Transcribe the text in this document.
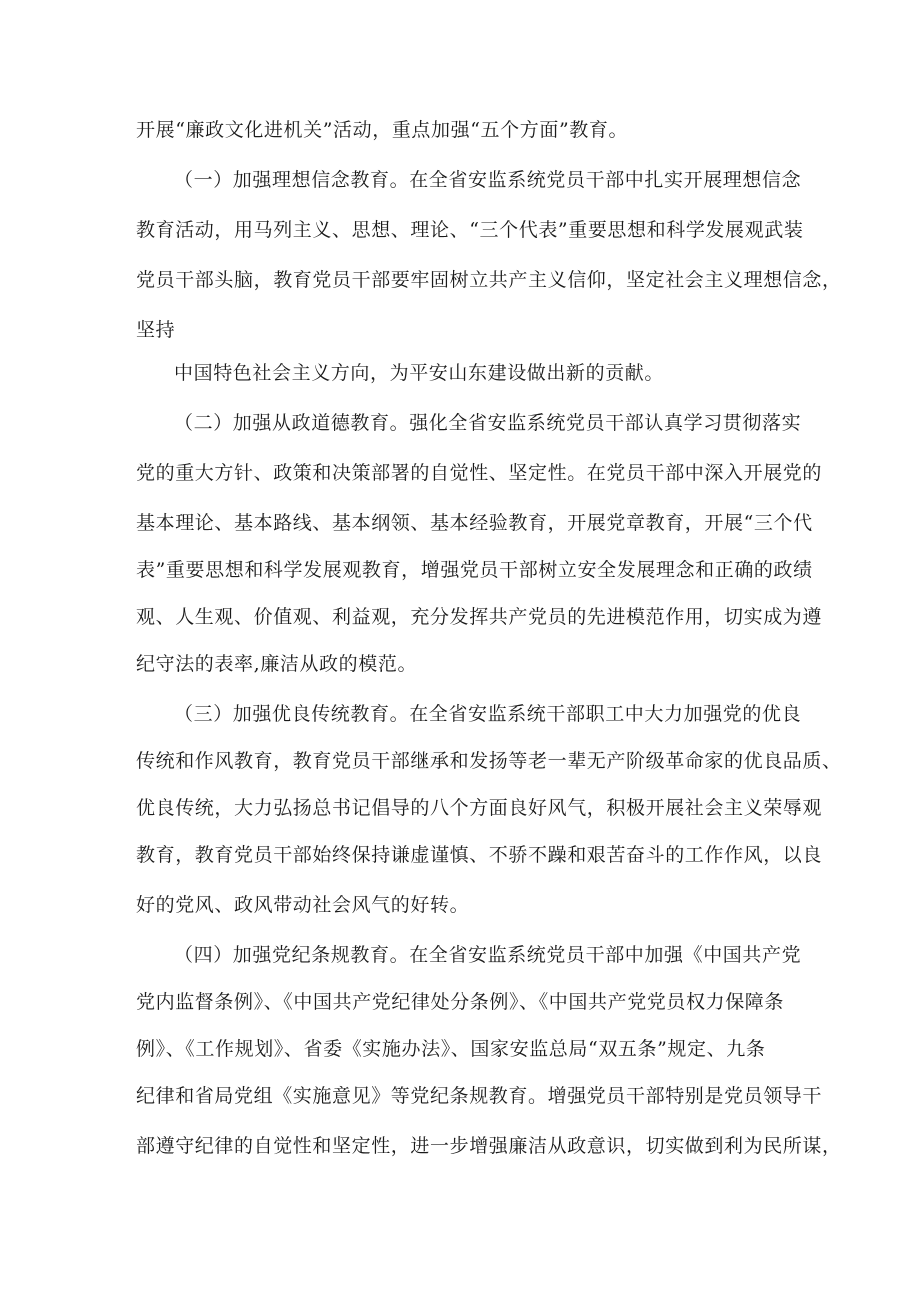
开展“廉政文化进机关”活动，重点加强“五个方面”教育。
（一）加强理想信念教育。在全省安监系统党员干部中扎实开展理想信念
教育活动，用马列主义、思想、理论、“三个代表”重要思想和科学发展观武装
党员干部头脑，教育党员干部要牢固树立共产主义信仰，坚定社会主义理想信念，
坚持
中国特色社会主义方向，为平安山东建设做出新的贡献。
（二）加强从政道德教育。强化全省安监系统党员干部认真学习贯彻落实
党的重大方针、政策和决策部署的自觉性、坚定性。在党员干部中深入开展党的
基本理论、基本路线、基本纲领、基本经验教育，开展党章教育，开展“三个代
表”重要思想和科学发展观教育，增强党员干部树立安全发展理念和正确的政绩
观、人生观、价值观、利益观，充分发挥共产党员的先进模范作用，切实成为遵
纪守法的表率,廉洁从政的模范。
（三）加强优良传统教育。在全省安监系统干部职工中大力加强党的优良
传统和作风教育，教育党员干部继承和发扬等老一辈无产阶级革命家的优良品质、
优良传统，大力弘扬总书记倡导的八个方面良好风气，积极开展社会主义荣辱观
教育，教育党员干部始终保持谦虚谨慎、不骄不躁和艰苦奋斗的工作作风，以良
好的党风、政风带动社会风气的好转。
（四）加强党纪条规教育。在全省安监系统党员干部中加强《中国共产党
党内监督条例》、《中国共产党纪律处分条例》、《中国共产党党员权力保障条
例》、《工作规划》、省委《实施办法》、国家安监总局“双五条”规定、九条
纪律和省局党组《实施意见》等党纪条规教育。增强党员干部特别是党员领导干
部遵守纪律的自觉性和坚定性，进一步增强廉洁从政意识，切实做到利为民所谋，
